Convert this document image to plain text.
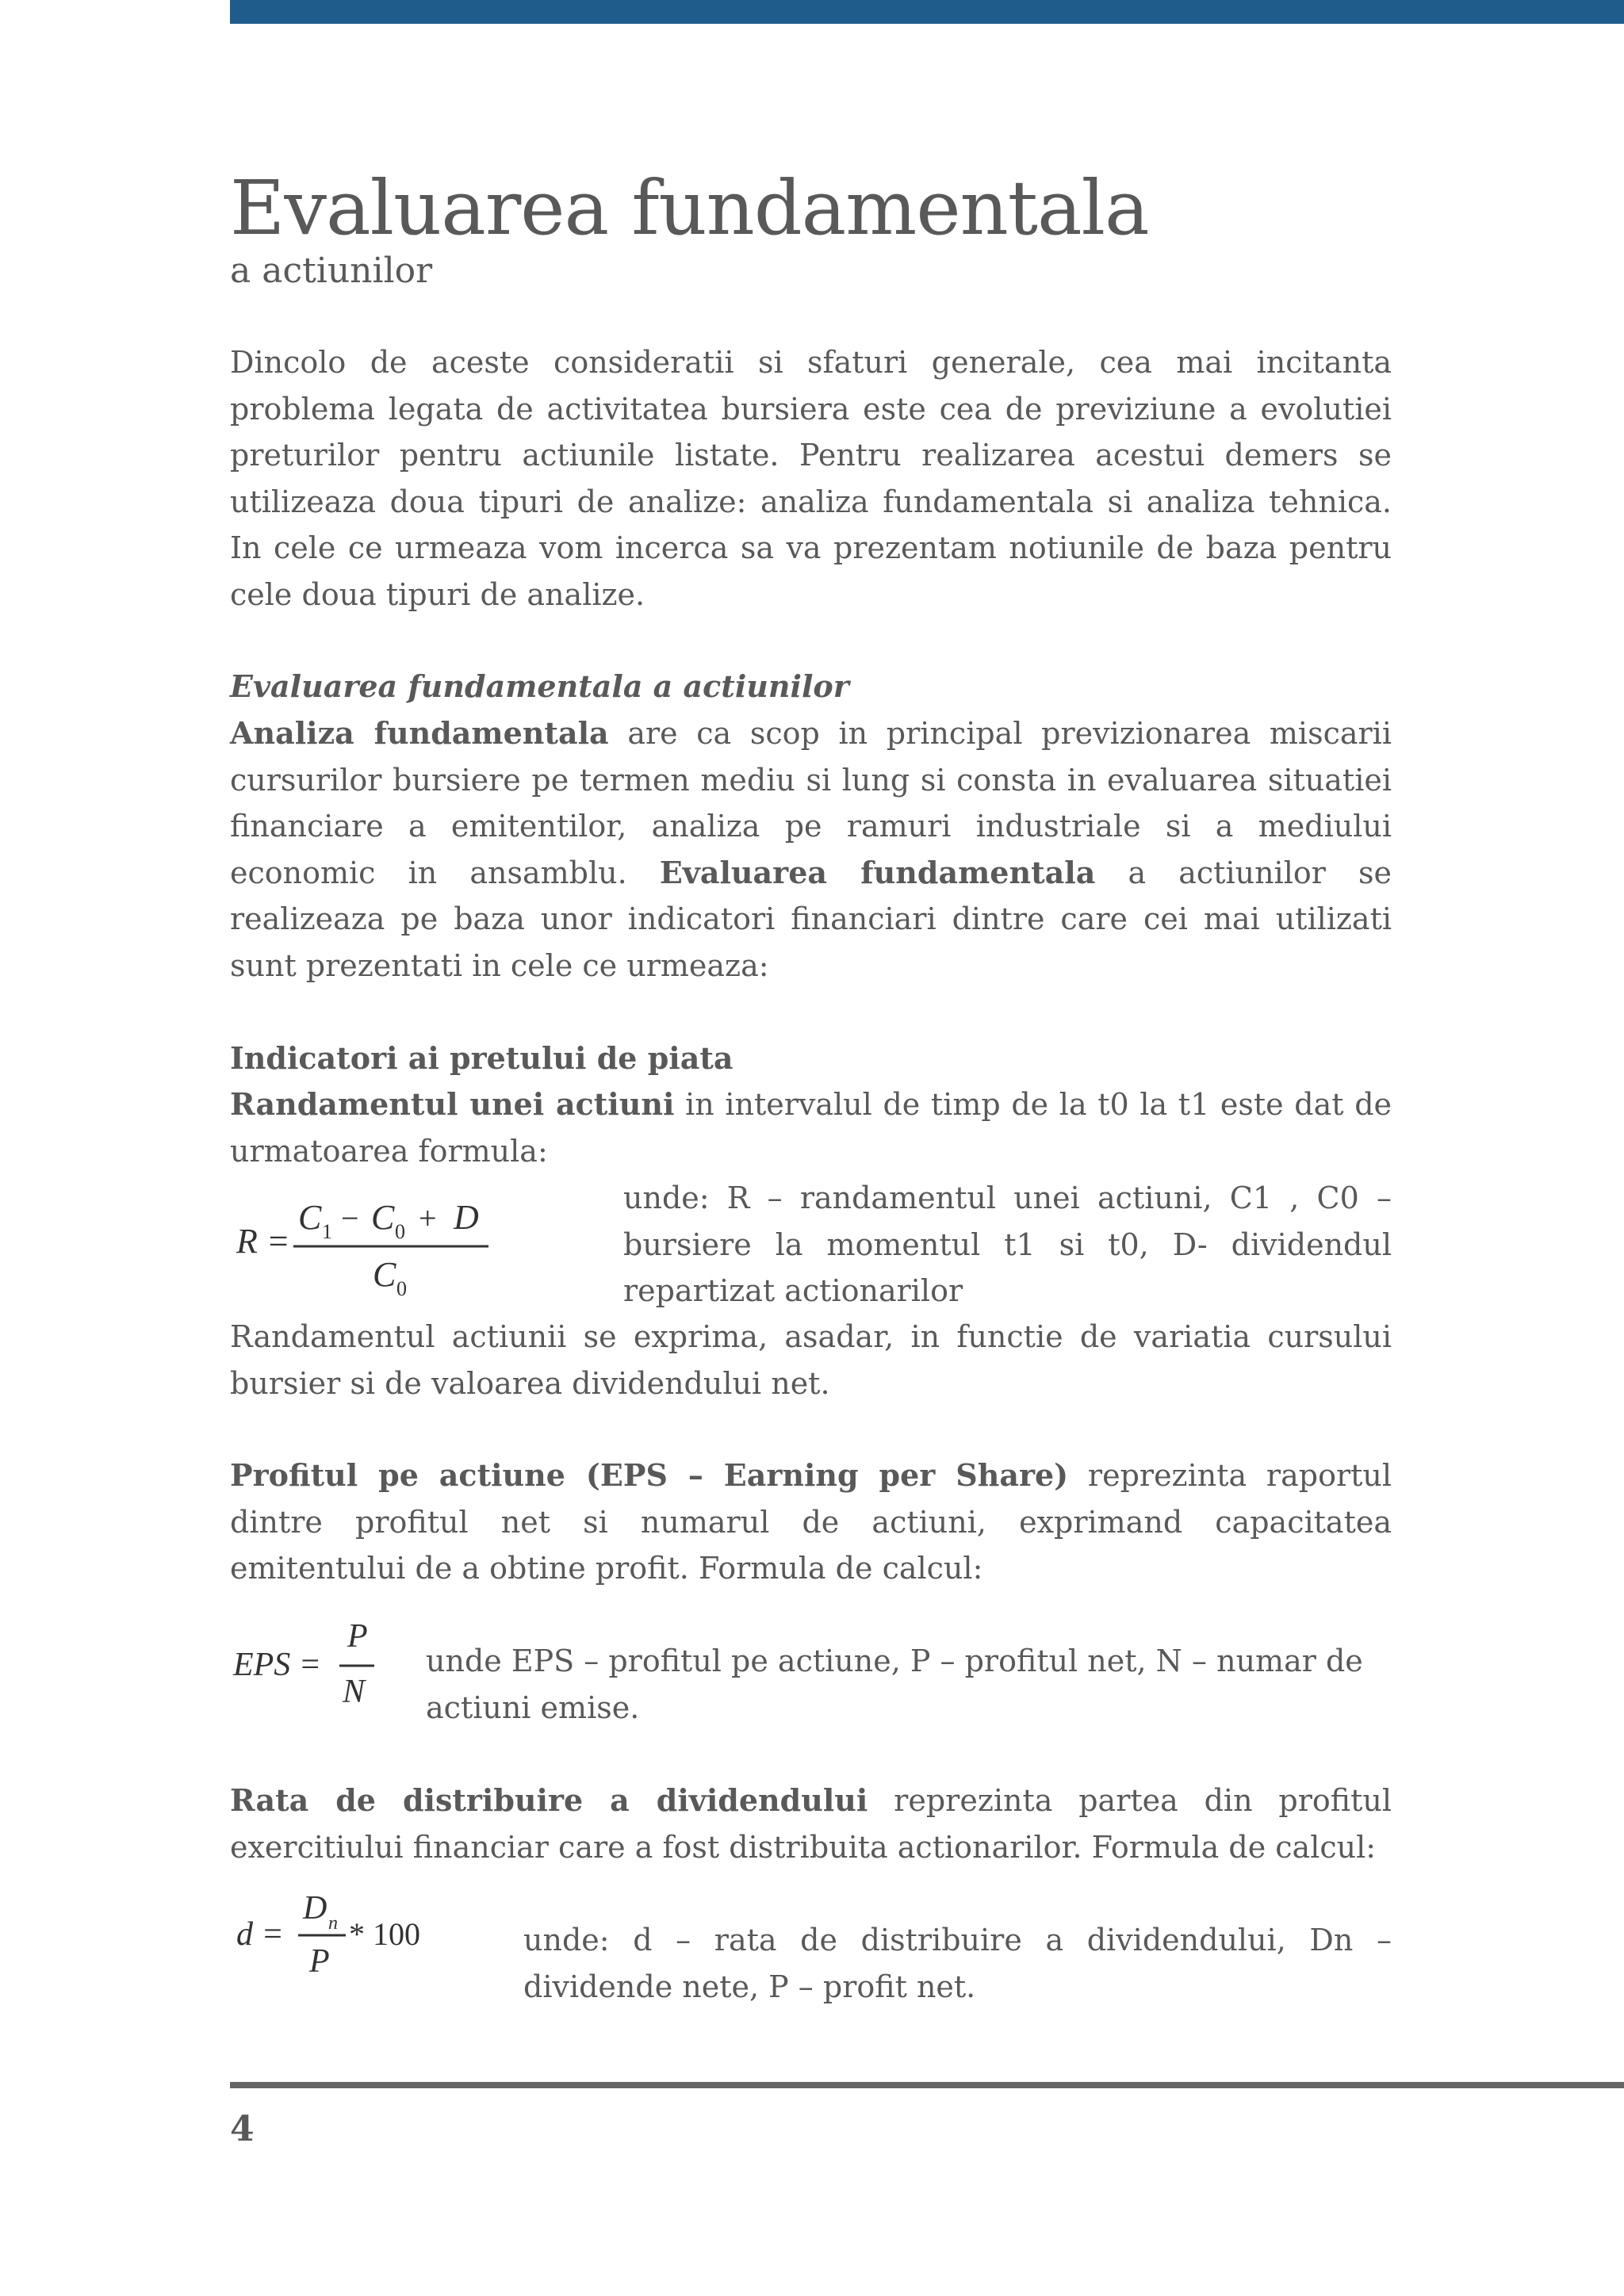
Evaluarea fundamentala

a actiunilor

Dincolo de aceste consideratii si sfaturi generale, cea mai incitanta problema legata de activitatea bursiera este cea de previziune a evolutiei preturilor pentru actiunile listate. Pentru realizarea acestui demers se utilizeaza doua tipuri de analize: analiza fundamentala si analiza tehnica. In cele ce urmeaza vom incerca sa va prezentam notiunile de baza pentru cele doua tipuri de analize.

Evaluarea fundamentala a actiunilor

Analiza fundamentala are ca scop in principal previzionarea miscarii cursurilor bursiere pe termen mediu si lung si consta in evaluarea situatiei financiare a emitentilor, analiza pe ramuri industriale si a mediului economic in ansamblu. Evaluarea fundamentala a actiunilor se realizeaza pe baza unor indicatori financiari dintre care cei mai utilizati sunt prezentati in cele ce urmeaza:

Indicatori ai pretului de piata

Randamentul unei actiuni in intervalul de timp de la t0 la t1 este dat de urmatoarea formula:

R =
C 1 − C 0 + D
C 0

unde: R – randamentul unei actiuni, C1 , C0 – bursiere la momentul t1 si t0, D- dividendul repartizat actionarilor

Randamentul actiunii se exprima, asadar, in functie de variatia cursului bursier si de valoarea dividendului net.

Profitul pe actiune (EPS – Earning per Share) reprezinta raportul dintre profitul net si numarul de actiuni, exprimand capacitatea emitentului de a obtine profit. Formula de calcul:

EPS =
P
N

unde EPS – profitul pe actiune, P – profitul net, N – numar de actiuni emise.

Rata de distribuire a dividendului reprezinta partea din profitul exercitiului financiar care a fost distribuita actionarilor. Formula de calcul:

d =
D n
P
* 100	unde: d – rata de distribuire a dividendului, Dn – dividende nete, P – profit net.

4
